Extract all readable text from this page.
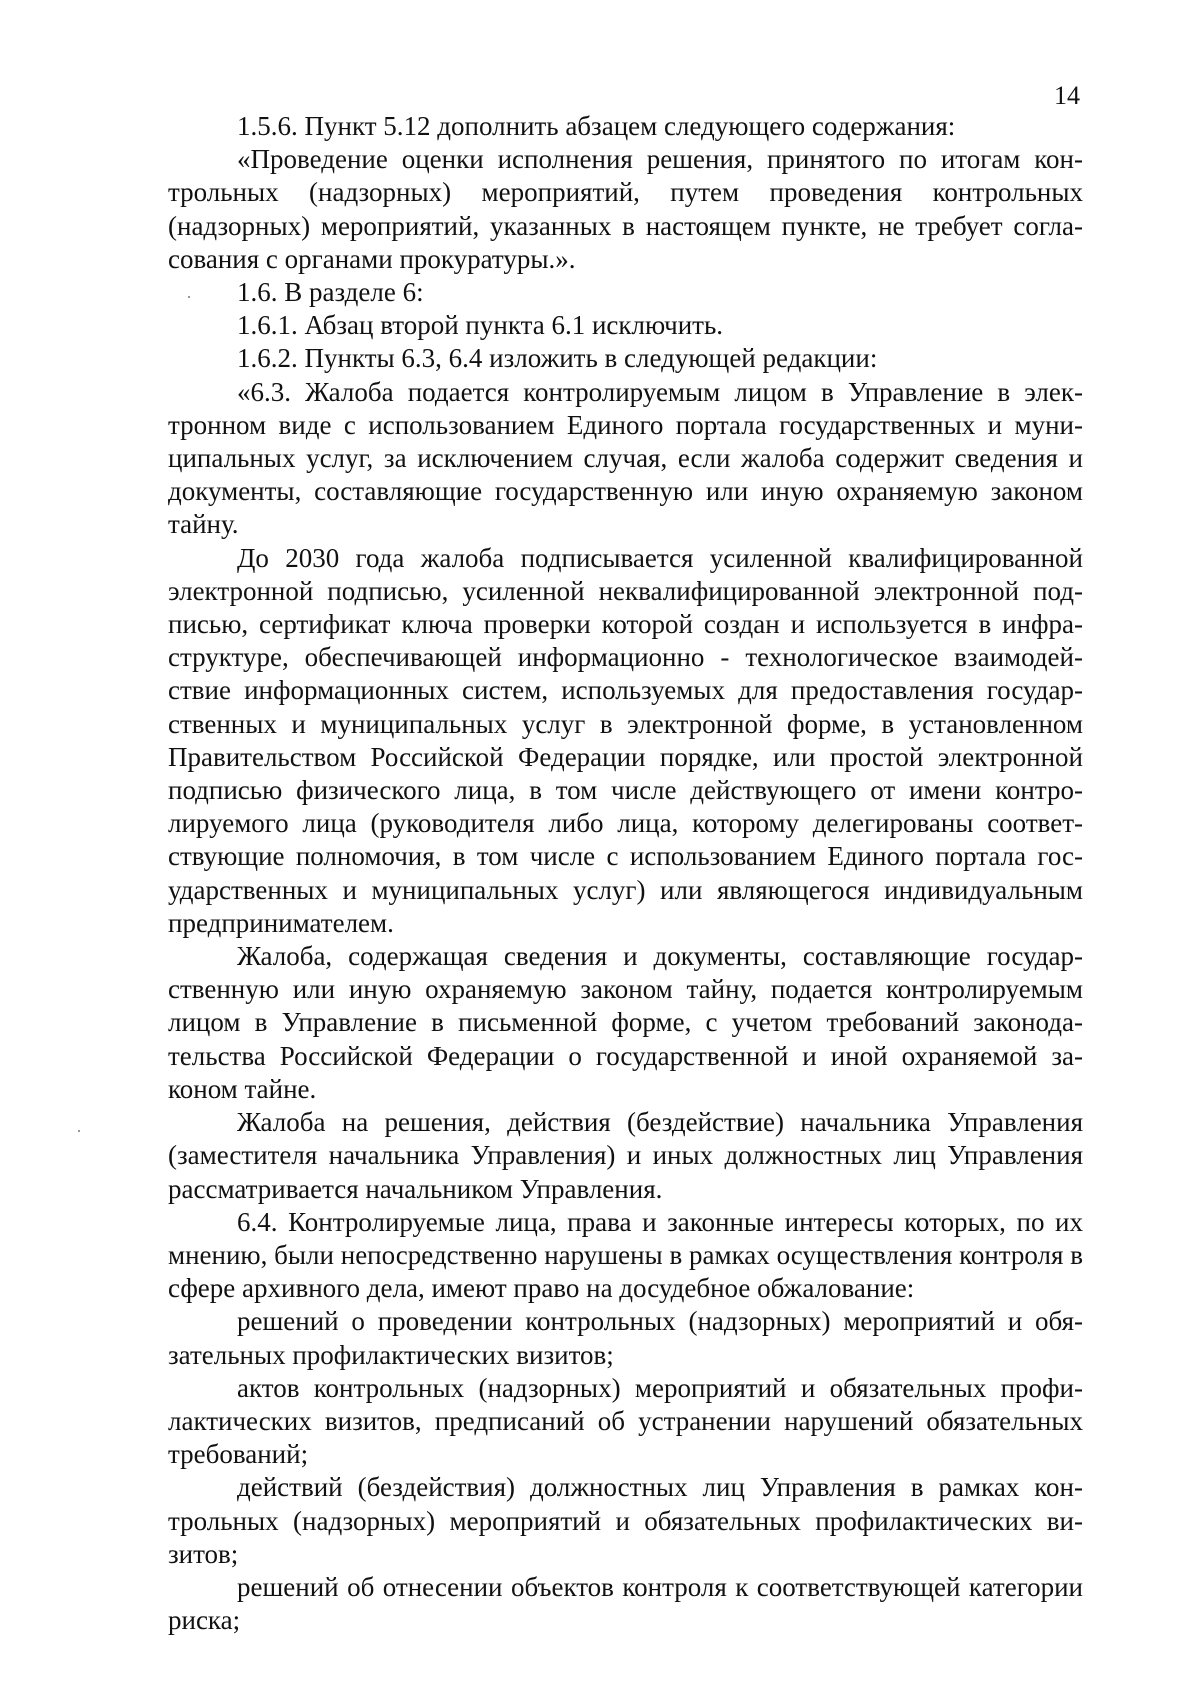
14

1.5.6. Пункт 5.12 дополнить абзацем следующего содержания:

«Проведение оценки исполнения решения, принятого по итогам контрольных (надзорных) мероприятий, путем проведения контрольных (надзорных) мероприятий, указанных в настоящем пункте, не требует согласования с органами прокуратуры.».

1.6. В разделе 6:

1.6.1. Абзац второй пункта 6.1 исключить.

1.6.2. Пункты 6.3, 6.4 изложить в следующей редакции:

«6.3. Жалоба подается контролируемым лицом в Управление в электронном виде с использованием Единого портала государственных и муниципальных услуг, за исключением случая, если жалоба содержит сведения и документы, составляющие государственную или иную охраняемую законом тайну.

До 2030 года жалоба подписывается усиленной квалифицированной электронной подписью, усиленной неквалифицированной электронной подписью, сертификат ключа проверки которой создан и используется в инфраструктуре, обеспечивающей информационно - технологическое взаимодействие информационных систем, используемых для предоставления государственных и муниципальных услуг в электронной форме, в установленном Правительством Российской Федерации порядке, или простой электронной подписью физического лица, в том числе действующего от имени контролируемого лица (руководителя либо лица, которому делегированы соответствующие полномочия, в том числе с использованием Единого портала государственных и муниципальных услуг) или являющегося индивидуальным предпринимателем.

Жалоба, содержащая сведения и документы, составляющие государственную или иную охраняемую законом тайну, подается контролируемым лицом в Управление в письменной форме, с учетом требований законодательства Российской Федерации о государственной и иной охраняемой законом тайне.

Жалоба на решения, действия (бездействие) начальника Управления (заместителя начальника Управления) и иных должностных лиц Управления рассматривается начальником Управления.

6.4. Контролируемые лица, права и законные интересы которых, по их мнению, были непосредственно нарушены в рамках осуществления контроля в сфере архивного дела, имеют право на досудебное обжалование:

решений о проведении контрольных (надзорных) мероприятий и обязательных профилактических визитов;

актов контрольных (надзорных) мероприятий и обязательных профилактических визитов, предписаний об устранении нарушений обязательных требований;

действий (бездействия) должностных лиц Управления в рамках контрольных (надзорных) мероприятий и обязательных профилактических визитов;

решений об отнесении объектов контроля к соответствующей категории риска;
